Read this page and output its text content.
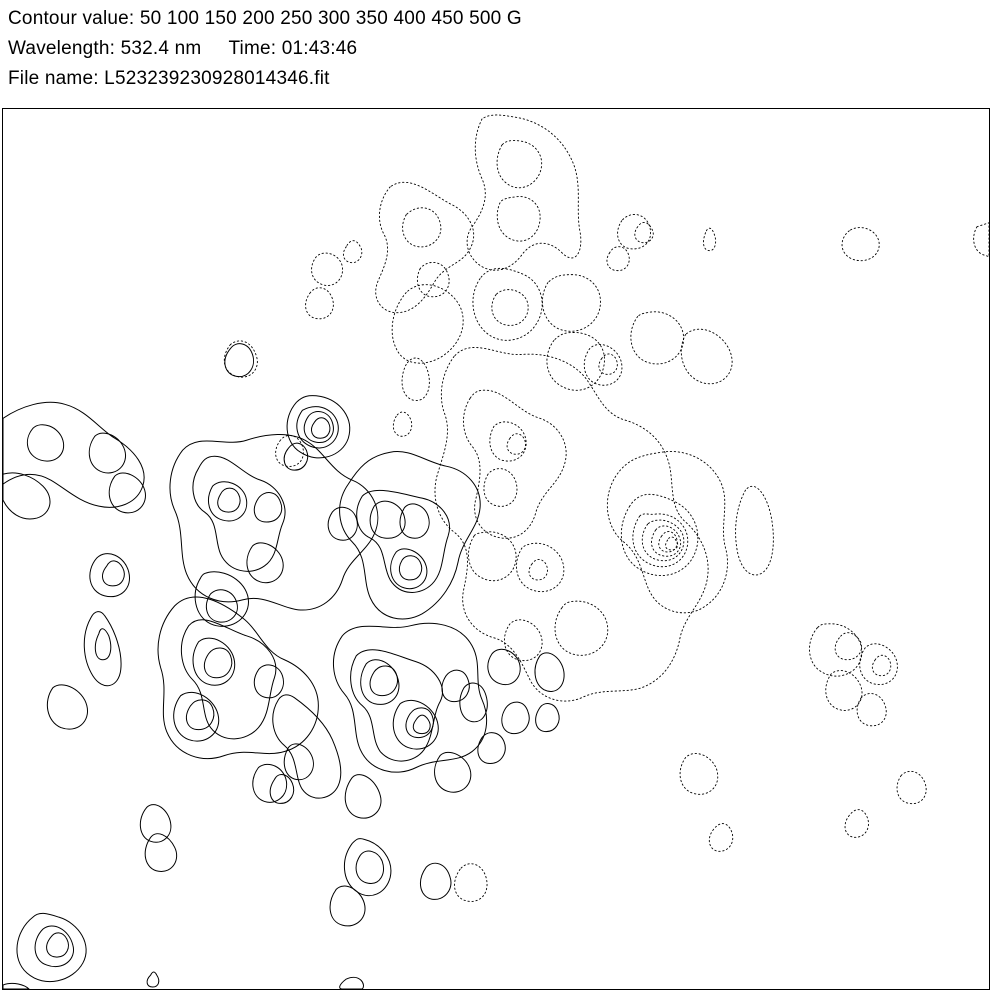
Contour value: 50 100 150 200 250 300 350 400 450 500 G
Wavelength: 532.4 nm     Time: 01:43:46
File name: L523239230928014346.fit
